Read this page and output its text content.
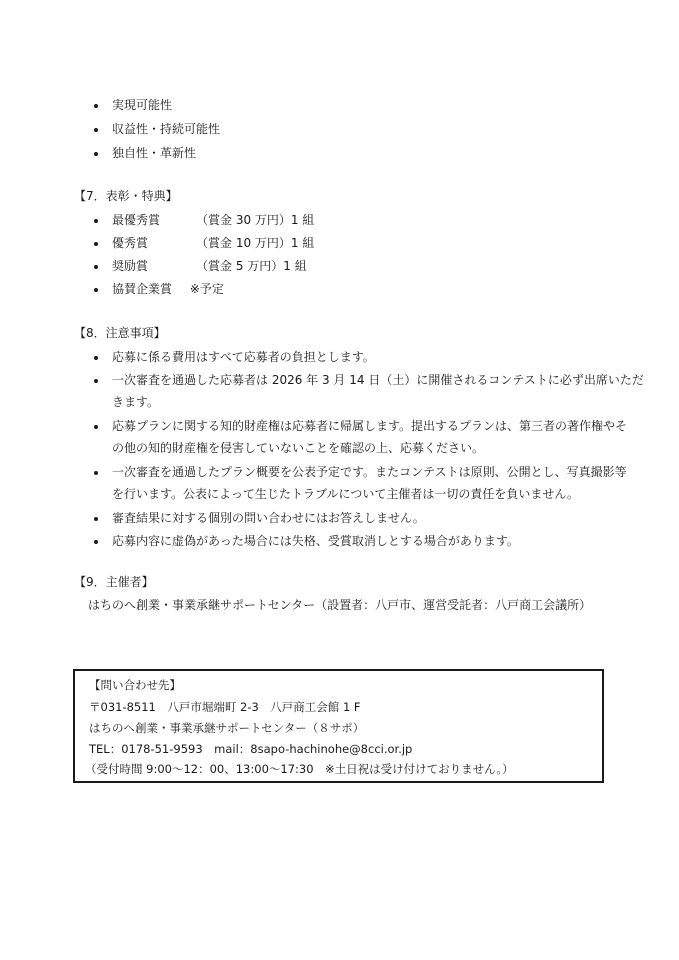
実現可能性
収益性・持続可能性
独自性・革新性
【7．表彰・特典】
最優秀賞	（賞金 30 万円）1 組
優秀賞	（賞金 10 万円）1 組
奨励賞	（賞金 5 万円）1 組
協賛企業賞 ※予定
【8．注意事項】
応募に係る費用はすべて応募者の負担とします。
一次審査を通過した応募者は 2026 年 3 月 14 日（土）に開催されるコンテストに必ず出席いただ
きます。
応募プランに関する知的財産権は応募者に帰属します。提出するプランは、第三者の著作権やそ
の他の知的財産権を侵害していないことを確認の上、応募ください。
一次審査を通過したプラン概要を公表予定です。またコンテストは原則、公開とし、写真撮影等
を行います。公表によって生じたトラブルについて主催者は一切の責任を負いません。
審査結果に対する個別の問い合わせにはお答えしません。
応募内容に虚偽があった場合には失格、受賞取消しとする場合があります。
【9．主催者】
はちのへ創業・事業承継サポートセンター（設置者：八戸市、運営受託者：八戸商工会議所）
【問い合わせ先】
〒031-8511　八戸市堀端町 2-3　八戸商工会館 1 F
はちのへ創業・事業承継サポートセンター（８サポ）
TEL：0178-51-9593　mail：8sapo-hachinohe@8cci.or.jp
（受付時間 9:00～12：00、13:00～17:30　※土日祝は受け付けておりません。）
